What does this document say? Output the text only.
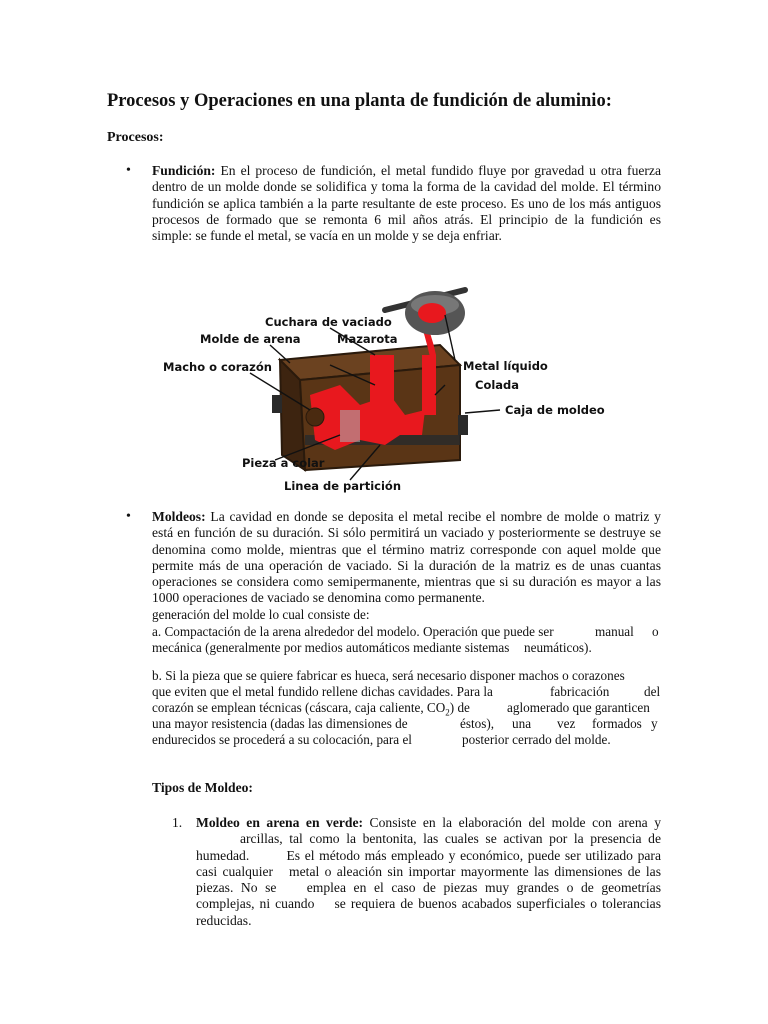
Procesos y Operaciones en una planta de fundición de aluminio:
Procesos:
• Fundición: En el proceso de fundición, el metal fundido fluye por gravedad u otra fuerza
dentro de un molde donde se solidifica y toma la forma de la cavidad del molde. El término
fundición se aplica también a la parte resultante de este proceso. Es uno de los más antiguos
procesos de formado que se remonta 6 mil años atrás. El principio de la fundición es
simple: se funde el metal, se vacía en un molde y se deja enfriar.
Cuchara de vaciado
Molde de arena	Mazarota
Macho o corazón	Metal líquido
Colada
Caja de moldeo
Pieza a colar
Linea de partición
• Moldeos: La cavidad en donde se deposita el metal recibe el nombre de molde o matriz y
está en función de su duración. Si sólo permitirá un vaciado y posteriormente se destruye se
denomina como molde, mientras que el término matriz corresponde con aquel molde que
permite más de una operación de vaciado. Si la duración de la matriz es de unas cuantas
operaciones se considera como semipermanente, mientras que si su duración es mayor a las
1000 operaciones de vaciado se denomina como permanente.
generación del molde lo cual consiste de:
a. Compactación de la arena alrededor del modelo. Operación que puede ser	manual o
mecánica (generalmente por medios automáticos mediante sistemas neumáticos).
b. Si la pieza que se quiere fabricar es hueca, será necesario disponer machos o corazones
que eviten que el metal fundido rellene dichas cavidades. Para la	fabricación	del
corazón se emplean técnicas (cáscara, caja caliente, $CO_2$) de	aglomerado que garanticen
una mayor resistencia (dadas las dimensiones de	éstos), una vez formados y
endurecidos se procederá a su colocación, para el	posterior cerrado del molde.
Tipos de Moldeo:
1. Moldeo en arena en verde: Consiste en la elaboración del molde con arena y
arcillas, tal como la bentonita, las cuales se activan por la presencia de
humedad.        Es el método más empleado y económico, puede ser utilizado para
casi cualquier   metal o aleación sin importar mayormente las dimensiones de las
piezas. No se    emplea en el caso de piezas muy grandes o de geometrías
complejas, ni cuando    se requiera de buenos acabados superficiales o tolerancias
reducidas.
